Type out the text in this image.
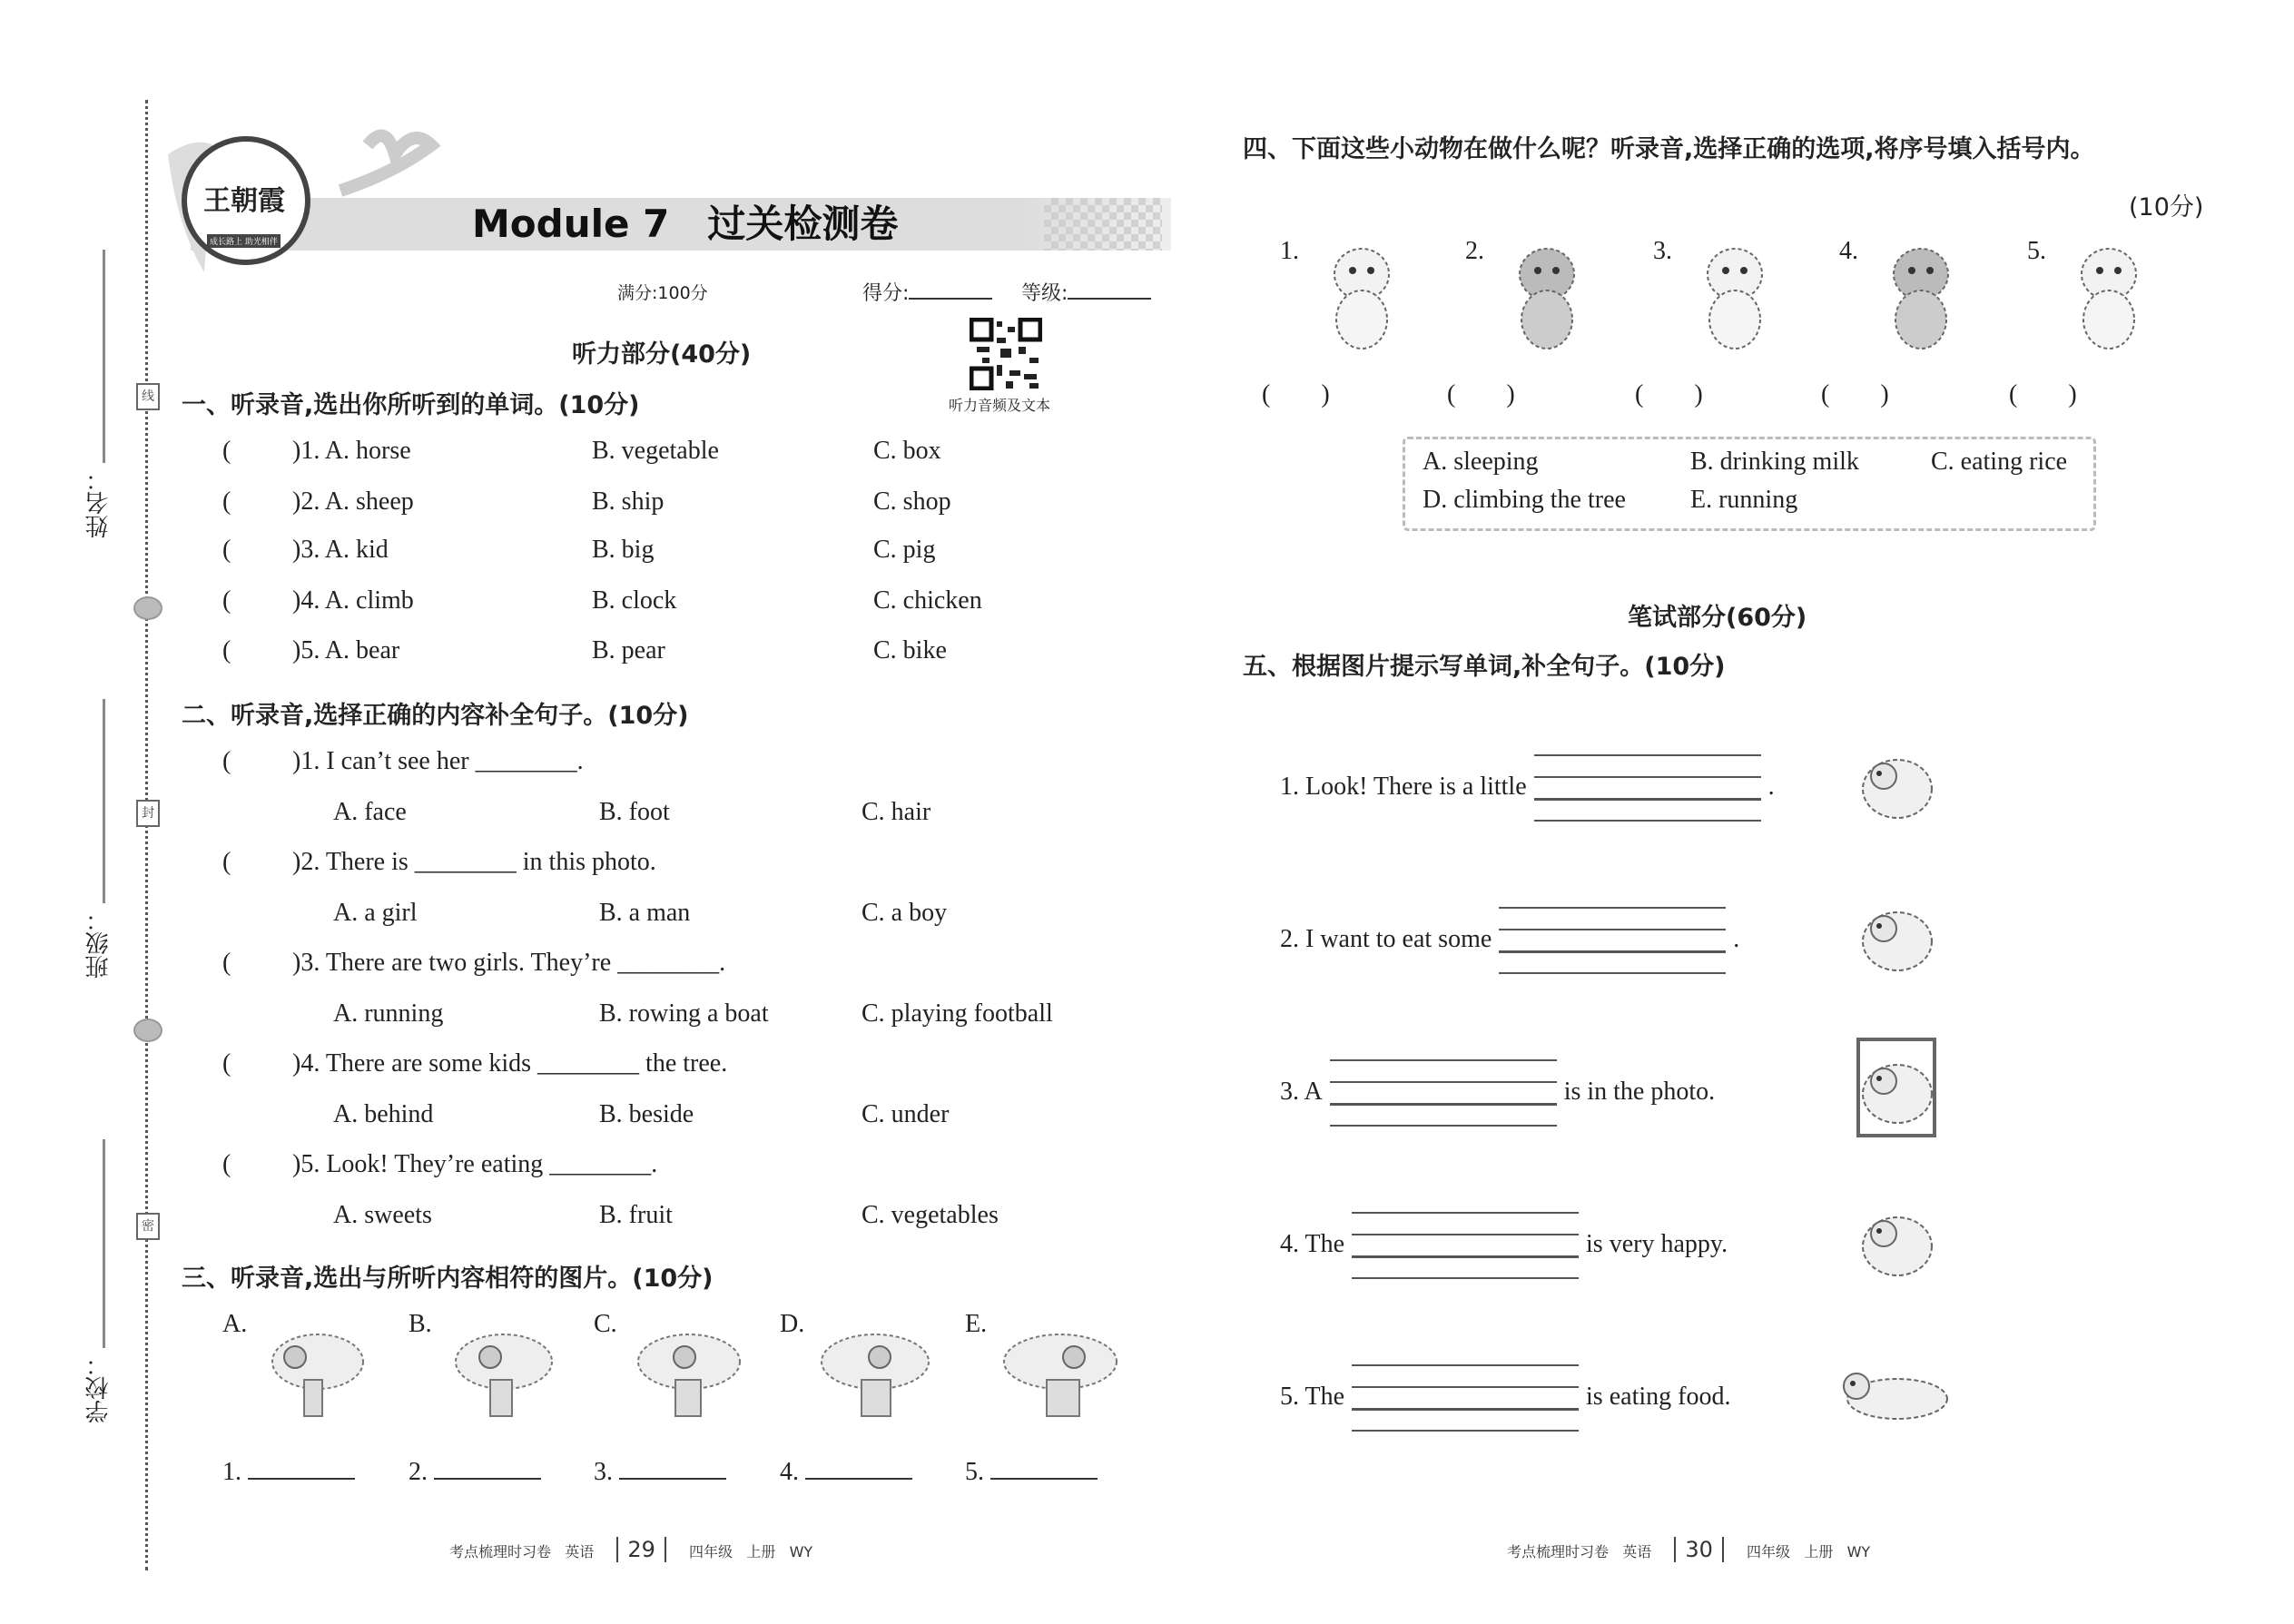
姓名：
班级：
学校：
线
封
密
王朝霞
成长路上 助光相伴	Module 7　过关检测卷
满分:100分	得分:	等级:
听力音频及文本
听力部分(40分)
一、听录音,选出你所听到的单词。(10分)
( )1. A. horse	B. vegetable	C. box
( )2. A. sheep	B. ship	C. shop
( )3. A. kid	B. big	C. pig
( )4. A. climb	B. clock	C. chicken
( )5. A. bear	B. pear	C. bike
二、听录音,选择正确的内容补全句子。(10分)
( )1. I can’t see her ________.
A. face	B. foot	C. hair
( )2. There is ________ in this photo.
A. a girl	B. a man	C. a boy
( )3. There are two girls. They’re ________.
A. running	B. rowing a boat	C. playing football
( )4. There are some kids ________ the tree.
A. behind	B. beside	C. under
( )5. Look! They’re eating ________.
A. sweets	B. fruit	C. vegetables
三、听录音,选出与所听内容相符的图片。(10分)
A.
1.
B.
2.
C.
3.
D.
4.
E.
5.
四、下面这些小动物在做什么呢？听录音,选择正确的选项,将序号填入括号内。
(10分)
1.
(        )
2.
(        )
3.
(        )
4.
(        )
5.
(        )
A. sleeping	B. drinking milk	C. eating rice
D. climbing the tree	E. running
笔试部分(60分)
五、根据图片提示写单词,补全句子。(10分)
1. Look! There is a little	.
2. I want to eat some	.
3. A	is in the photo.
4. The	is very happy.
5. The	is eating food.
考点梳理时习卷 英语 29 四年级 上册 WY	考点梳理时习卷 英语 30 四年级 上册 WY
